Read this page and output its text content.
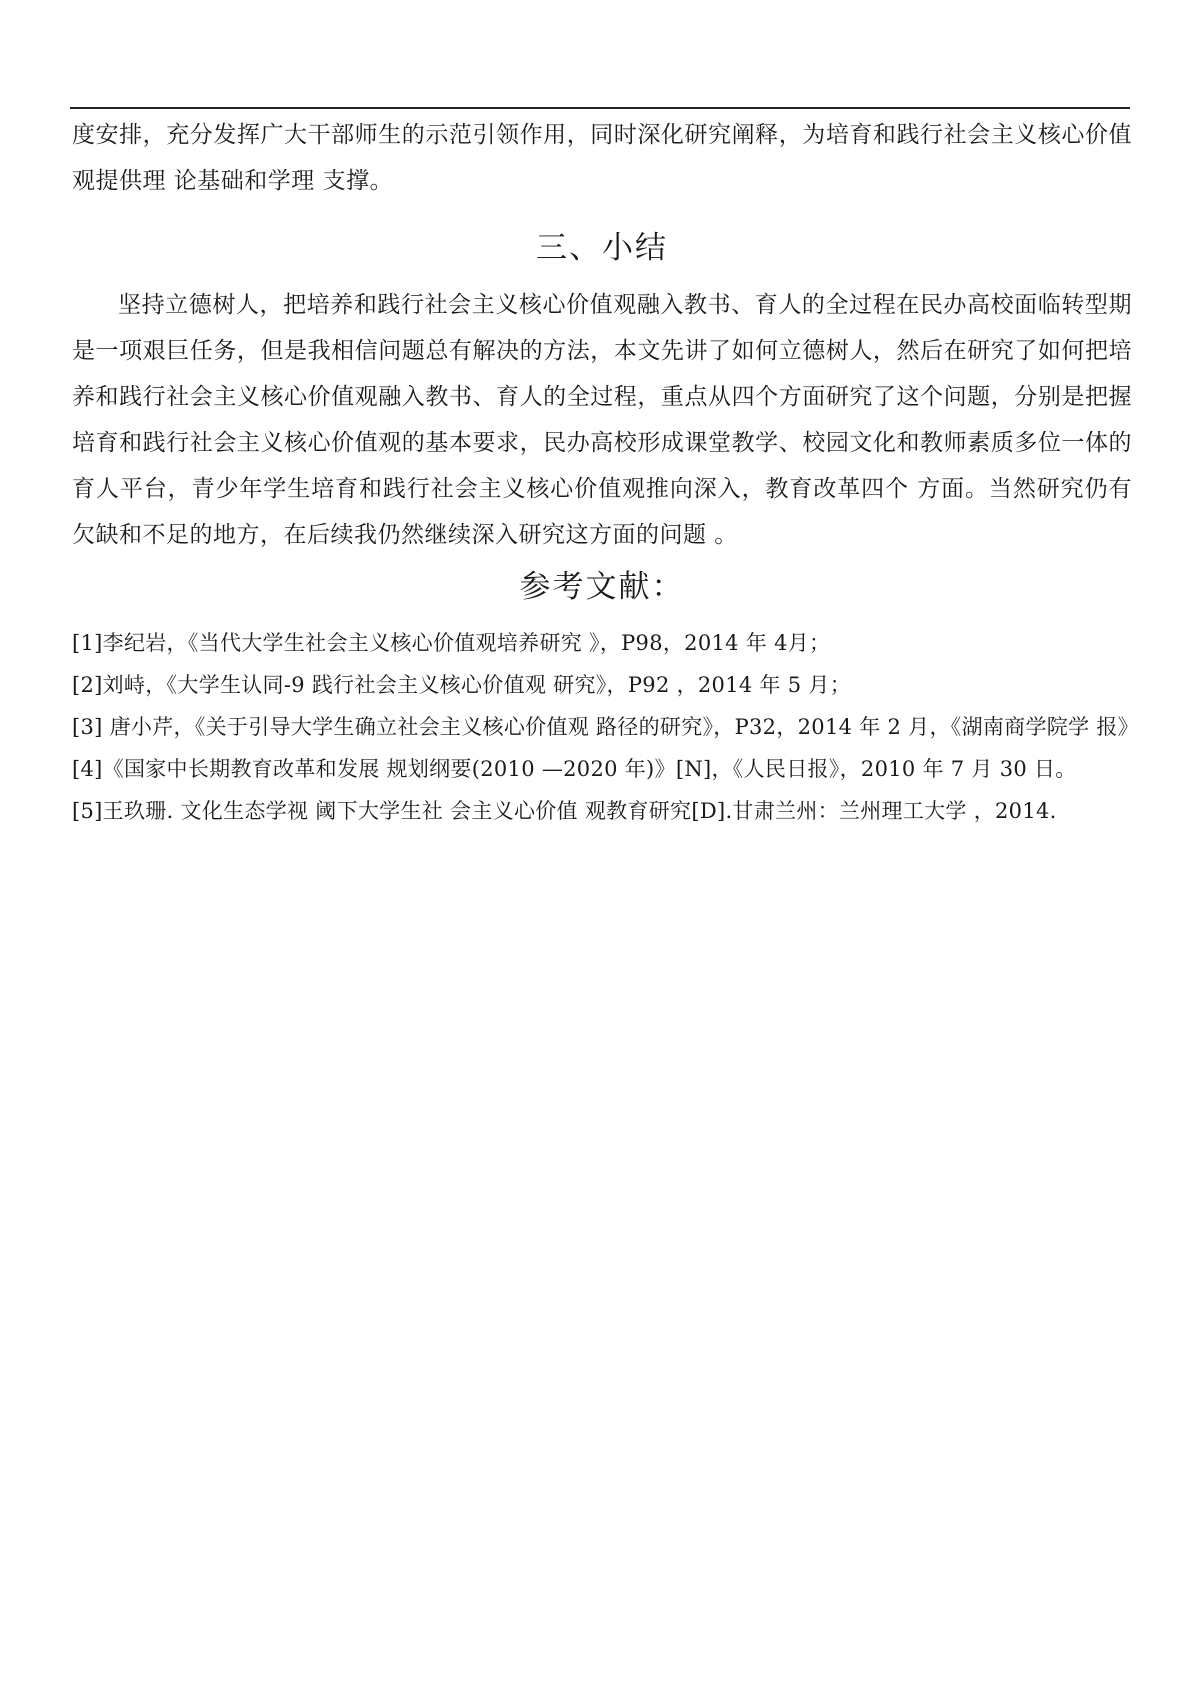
度安排，充分发挥广大干部师生的示范引领作用，同时深化研究阐释，为培育和践行社会主义核心价值观提供理 论基础和学理 支撑。

三、小结

坚持立德树人，把培养和践行社会主义核心价值观融入教书、育人的全过程在民办高校面临转型期是一项艰巨任务，但是我相信问题总有解决的方法，本文先讲了如何立德树人，然后在研究了如何把培养和践行社会主义核心价值观融入教书、育人的全过程，重点从四个方面研究了这个问题，分别是把握培育和践行社会主义核心价值观的基本要求，民办高校形成课堂教学、校园文化和教师素质多位一体的育人平台，青少年学生培育和践行社会主义核心价值观推向深入，教育改革四个 方面。当然研究仍有欠缺和不足的地方，在后续我仍然继续深入研究这方面的问题 。

参考文献：
[1]李纪岩，《当代大学生社会主义核心价值观培养研究 》，P98，2014 年 4月；
[2]刘峙，《大学生认同-9 践行社会主义核心价值观 研究》，P92 ，2014 年 5 月；
[3] 唐小芹，《关于引导大学生确立社会主义核心价值观 路径的研究》，P32，2014 年 2 月，《湖南商学院学 报》
[4]《国家中长期教育改革和发展 规划纲要(2010 —2020 年)》[N]，《人民日报》，2010 年 7 月 30 日。
[5]王玖珊. 文化生态学视 阈下大学生社 会主义心价值 观教育研究[D].甘肃兰州：兰州理工大学 ，2014.
